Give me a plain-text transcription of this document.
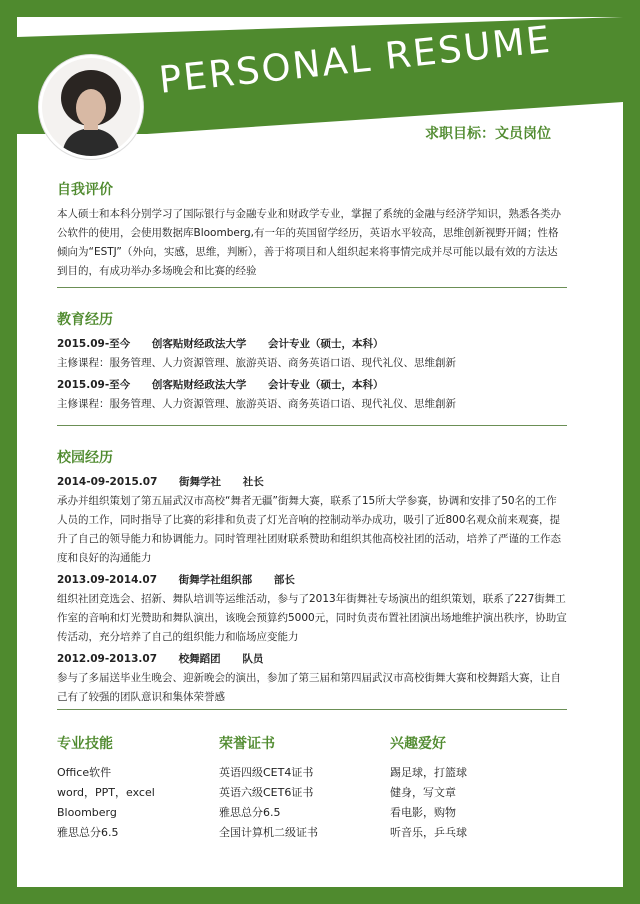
PERSONAL RESUME
求职目标：文员岗位
自我评价
本人硕士和本科分别学习了国际银行与金融专业和财政学专业，掌握了系统的金融与经济学知识，熟悉各类办公软件的使用，会使用数据库Bloomberg,有一年的英国留学经历，英语水平较高，思维创新视野开阔；性格倾向为“ESTJ”（外向，实感，思维，判断），善于将项目和人组织起来将事情完成并尽可能以最有效的方法达到目的，有成功举办多场晚会和比赛的经验
教育经历
2015.09-至今 创客贴财经政法大学 会计专业（硕士，本科）
主修课程：服务管理、人力资源管理、旅游英语、商务英语口语、现代礼仪、思维創新
2015.09-至今 创客贴财经政法大学 会计专业（硕士，本科）
主修课程：服务管理、人力资源管理、旅游英语、商务英语口语、现代礼仪、思维創新
校园经历
2014-09-2015.07 街舞学社 社长
承办并组织策划了第五届武汉市高校“舞者无疆”街舞大赛，联系了15所大学参赛，协调和安排了50名的工作人员的工作，同时指导了比赛的彩排和负责了灯光音响的控制动举办成功，吸引了近800名观众前来观赛，提升了自己的领导能力和协调能力。同时管理社团财联系赞助和组织其他高校社团的活动，培养了严谨的工作态度和良好的沟通能力
2013.09-2014.07 街舞学社组织部 部长
组织社团竞选会、招新、舞队培训等运维活动，参与了2013年街舞社专场演出的组织策划，联系了227街舞工作室的音响和灯光赞助和舞队演出，该晚会预算约5000元，同时负责布置社团演出场地维护演出秩序，协助宣传活动，充分培养了自己的组织能力和临场应变能力
2012.09-2013.07 校舞蹈团 队员
参与了多届送毕业生晚会、迎新晚会的演出，参加了第三届和第四届武汉市高校街舞大赛和校舞蹈大赛，让自己有了较强的团队意识和集体荣誉感
专业技能
Office软件
word，PPT，excel
Bloomberg
雅思总分6.5
荣誉证书
英语四级CET4证书
英语六级CET6证书
雅思总分6.5
全国计算机二级证书
兴趣爱好
踢足球，打篮球
健身，写文章
看电影，购物
听音乐，乒乓球
